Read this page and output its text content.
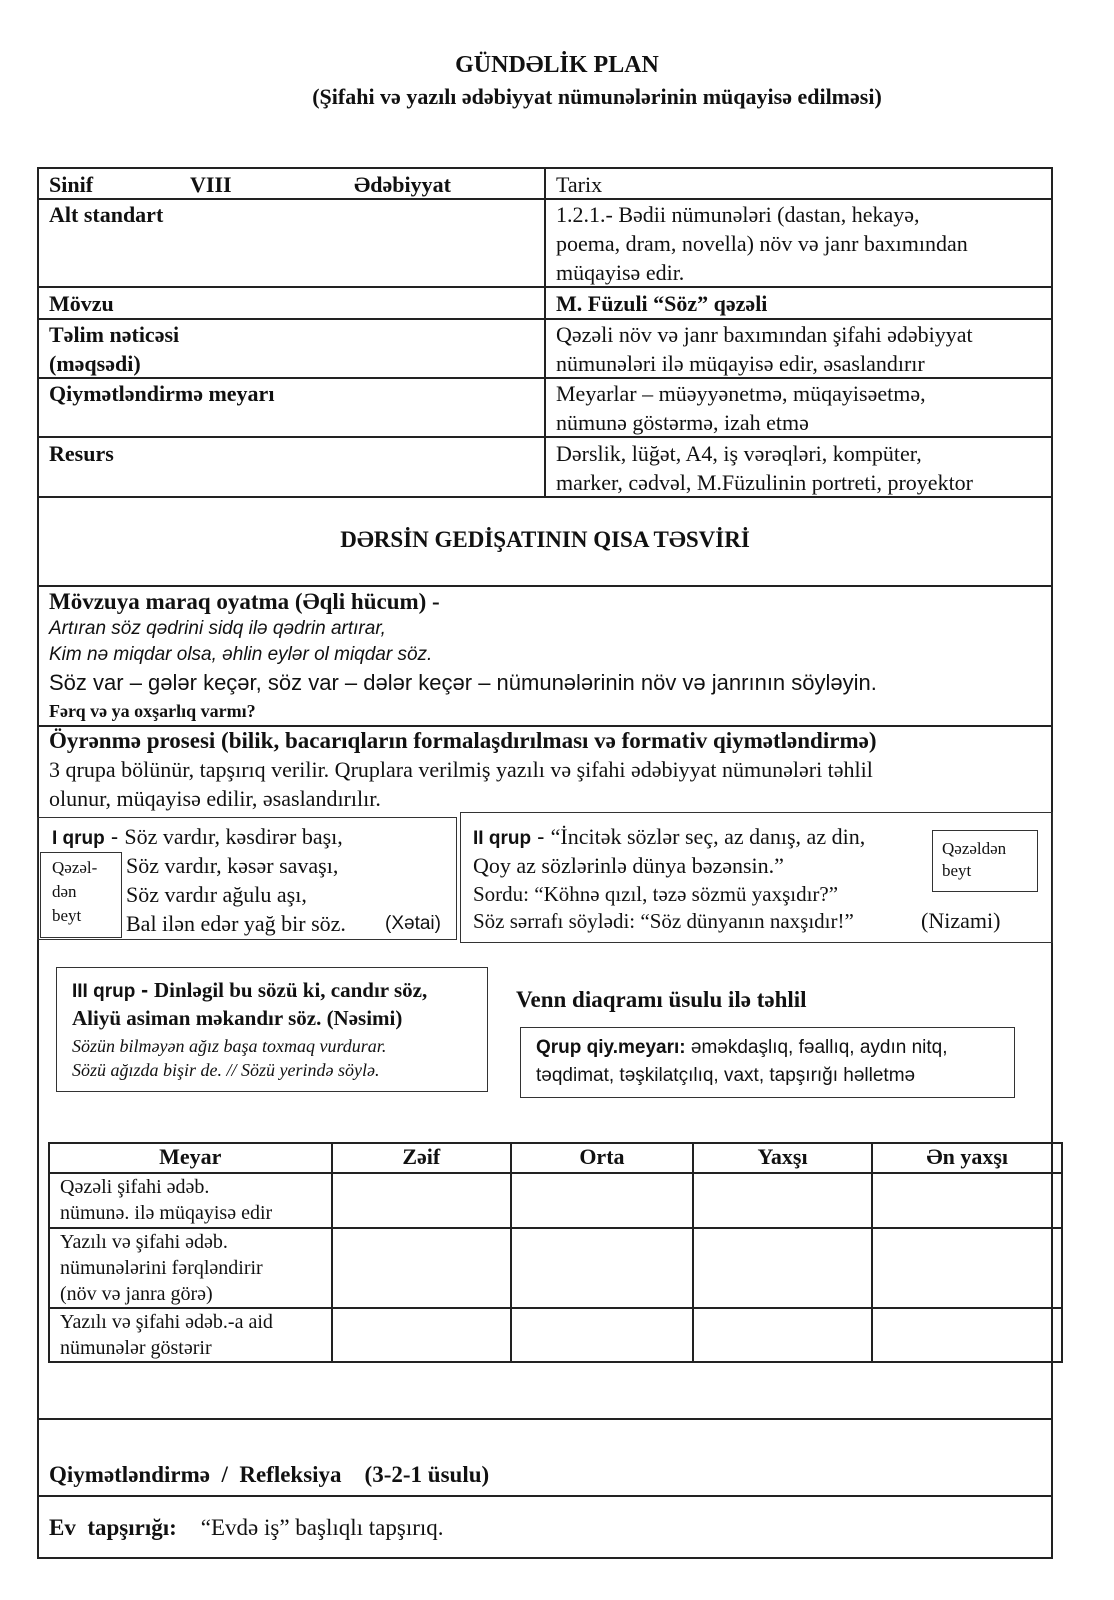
GÜNDƏLİK PLAN
(Şifahi və yazılı ədəbiyyat nümunələrinin müqayisə edilməsi)
Sinif	VIII	Ədəbiyyat	Tarix
Alt standart	1.2.1.- Bədii nümunələri (dastan, hekayə,
poema, dram, novella) növ və janr baxımından
müqayisə edir.
Mövzu	M. Füzuli “Söz” qəzəli
Təlim nəticəsi
(məqsədi)
Qəzəli növ və janr baxımından şifahi ədəbiyyat
nümunələri ilə müqayisə edir, əsaslandırır
Qiymətləndirmə meyarı	Meyarlar – müəyyənetmə, müqayisəetmə,
nümunə göstərmə, izah etmə
Resurs	Dərslik, lüğət, A4, iş vərəqləri, kompüter,
marker, cədvəl, M.Füzulinin portreti, proyektor
DƏRSİN GEDİŞATININ QISA TƏSVİRİ
Mövzuya maraq oyatma (Əqli hücum) -
Artıran söz qədrini sidq ilə qədrin artırar,
Kim nə miqdar olsa, əhlin eylər ol miqdar söz.
Söz var – gələr keçər, söz var – dələr keçər – nümunələrinin növ və janrının söyləyin.
Fərq və ya oxşarlıq varmı?
Öyrənmə prosesi (bilik, bacarıqların formalaşdırılması və formativ qiymətləndirmə)
3 qrupa bölünür, tapşırıq verilir. Qruplara verilmiş yazılı və şifahi ədəbiyyat nümunələri təhlil
olunur, müqayisə edilir, əsaslandırılır.
Qəzəl-
dən
beyt
I qrup - Söz vardır, kəsdirər başı,
Söz vardır, kəsər savaşı,
Söz vardır ağulu aşı,
Bal ilən edər yağ bir söz. (Xətai)
Qəzəldən
beyt
II qrup - “İncitək sözlər seç, az danış, az din,
Qoy az sözlərinlə dünya bəzənsin.”
Sordu: “Köhnə qızıl, təzə sözmü yaxşıdır?”
Söz sərrafı söylədi: “Söz dünyanın naxşıdır!”	(Nizami)
III qrup - Dinləgil bu sözü ki, candır söz,
Aliyü asiman məkandır söz. (Nəsimi)
Sözün bilməyən ağız başa toxmaq vurdurar.
Sözü ağızda bişir de. // Sözü yerində söylə.
Venn diaqramı üsulu ilə təhlil
Qrup qiy.meyarı: əməkdaşlıq, fəallıq, aydın nitq,
təqdimat, təşkilatçılıq, vaxt, tapşırığı həlletmə
Meyar	Zəif	Orta	Yaxşı	Ən yaxşı

Qəzəli şifahi ədəb.
nümunə. ilə müqayisə edir				

Yazılı və şifahi ədəb.
nümunələrini fərqləndirir
(növ və janra görə)				

Yazılı və şifahi ədəb.-a aid
nümunələr göstərir				

Qiymətləndirmə  /  Refleksiya    (3-2-1 üsulu)
Ev  tapşırığı: “Evdə iş” başlıqlı tapşırıq.
